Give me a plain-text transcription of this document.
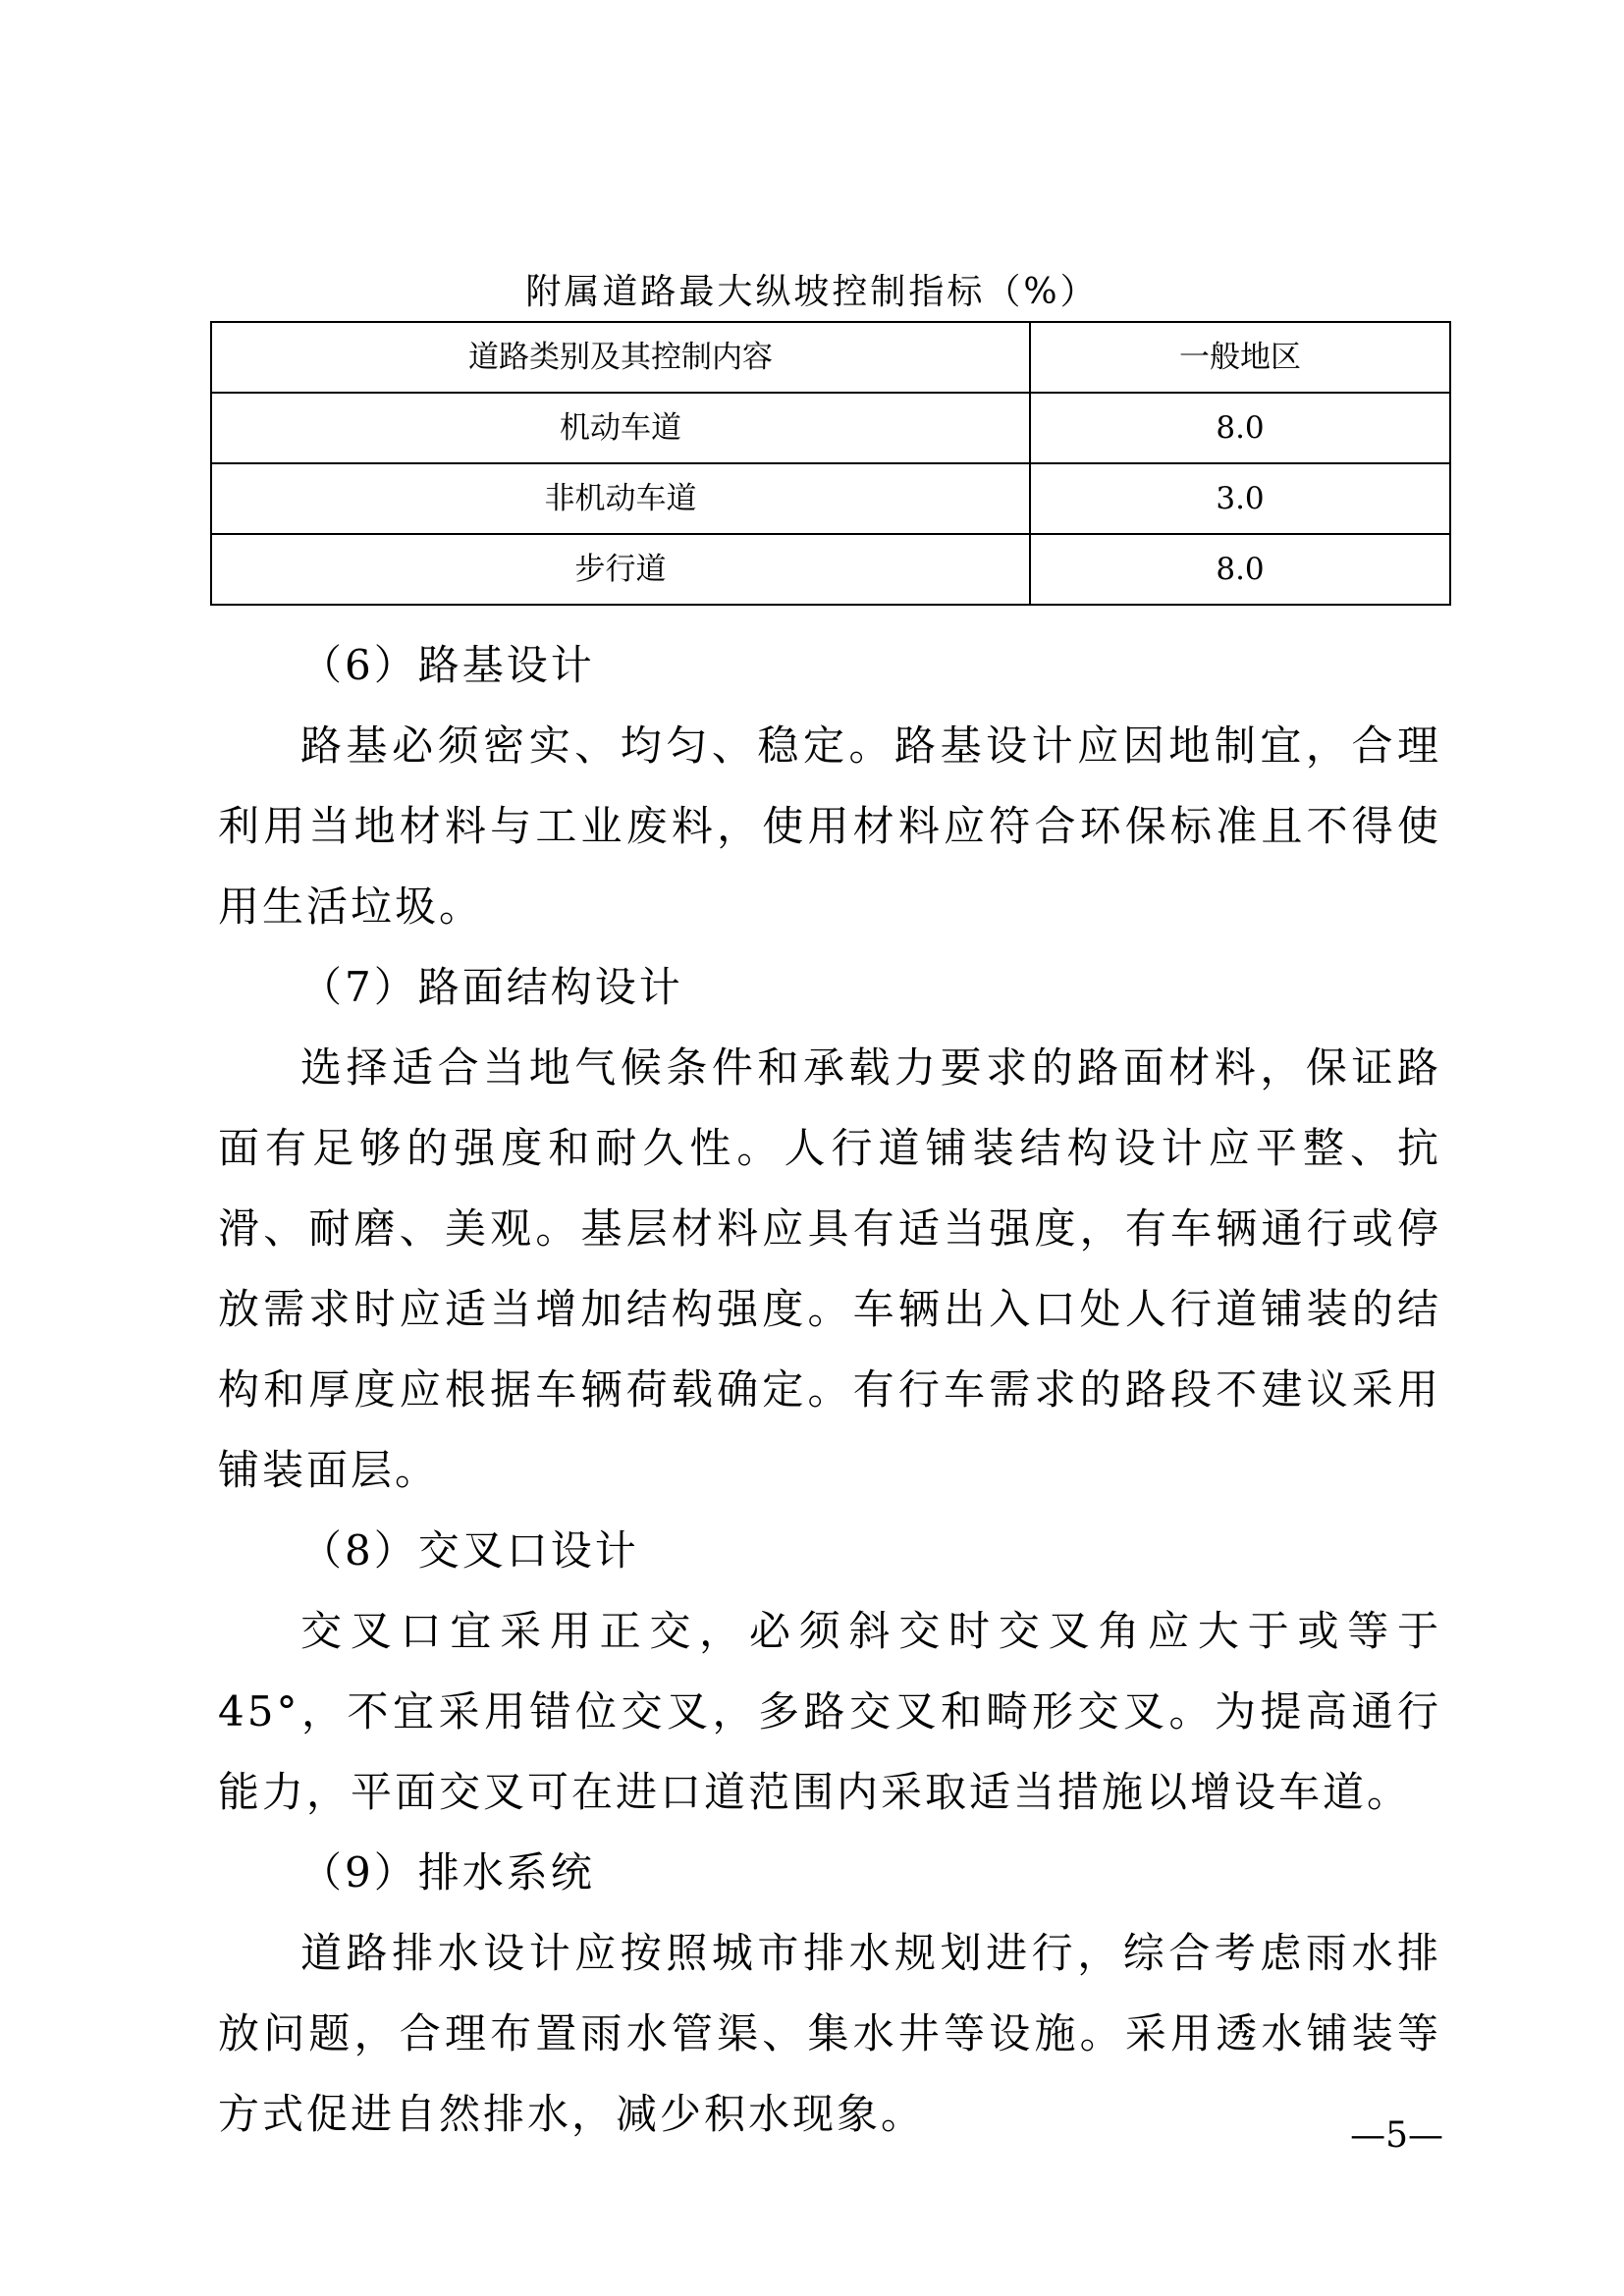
附属道路最大纵坡控制指标（%）
道路类别及其控制内容	一般地区
机动车道	8.0
非机动车道	3.0
步行道	8.0

（6）路基设计

路基必须密实、均匀、稳定。路基设计应因地制宜，合理利用当地材料与工业废料，使用材料应符合环保标准且不得使用生活垃圾。

（7）路面结构设计

选择适合当地气候条件和承载力要求的路面材料，保证路面有足够的强度和耐久性。人行道铺装结构设计应平整、抗滑、耐磨、美观。基层材料应具有适当强度，有车辆通行或停放需求时应适当增加结构强度。车辆出入口处人行道铺装的结构和厚度应根据车辆荷载确定。有行车需求的路段不建议采用铺装面层。

（8）交叉口设计

交叉口宜采用正交，必须斜交时交叉角应大于或等于 45°，不宜采用错位交叉，多路交叉和畸形交叉。为提高通行能力，平面交叉可在进口道范围内采取适当措施以增设车道。

（9）排水系统

道路排水设计应按照城市排水规划进行，综合考虑雨水排放问题，合理布置雨水管渠、集水井等设施。采用透水铺装等方式促进自然排水，减少积水现象。	—5—
